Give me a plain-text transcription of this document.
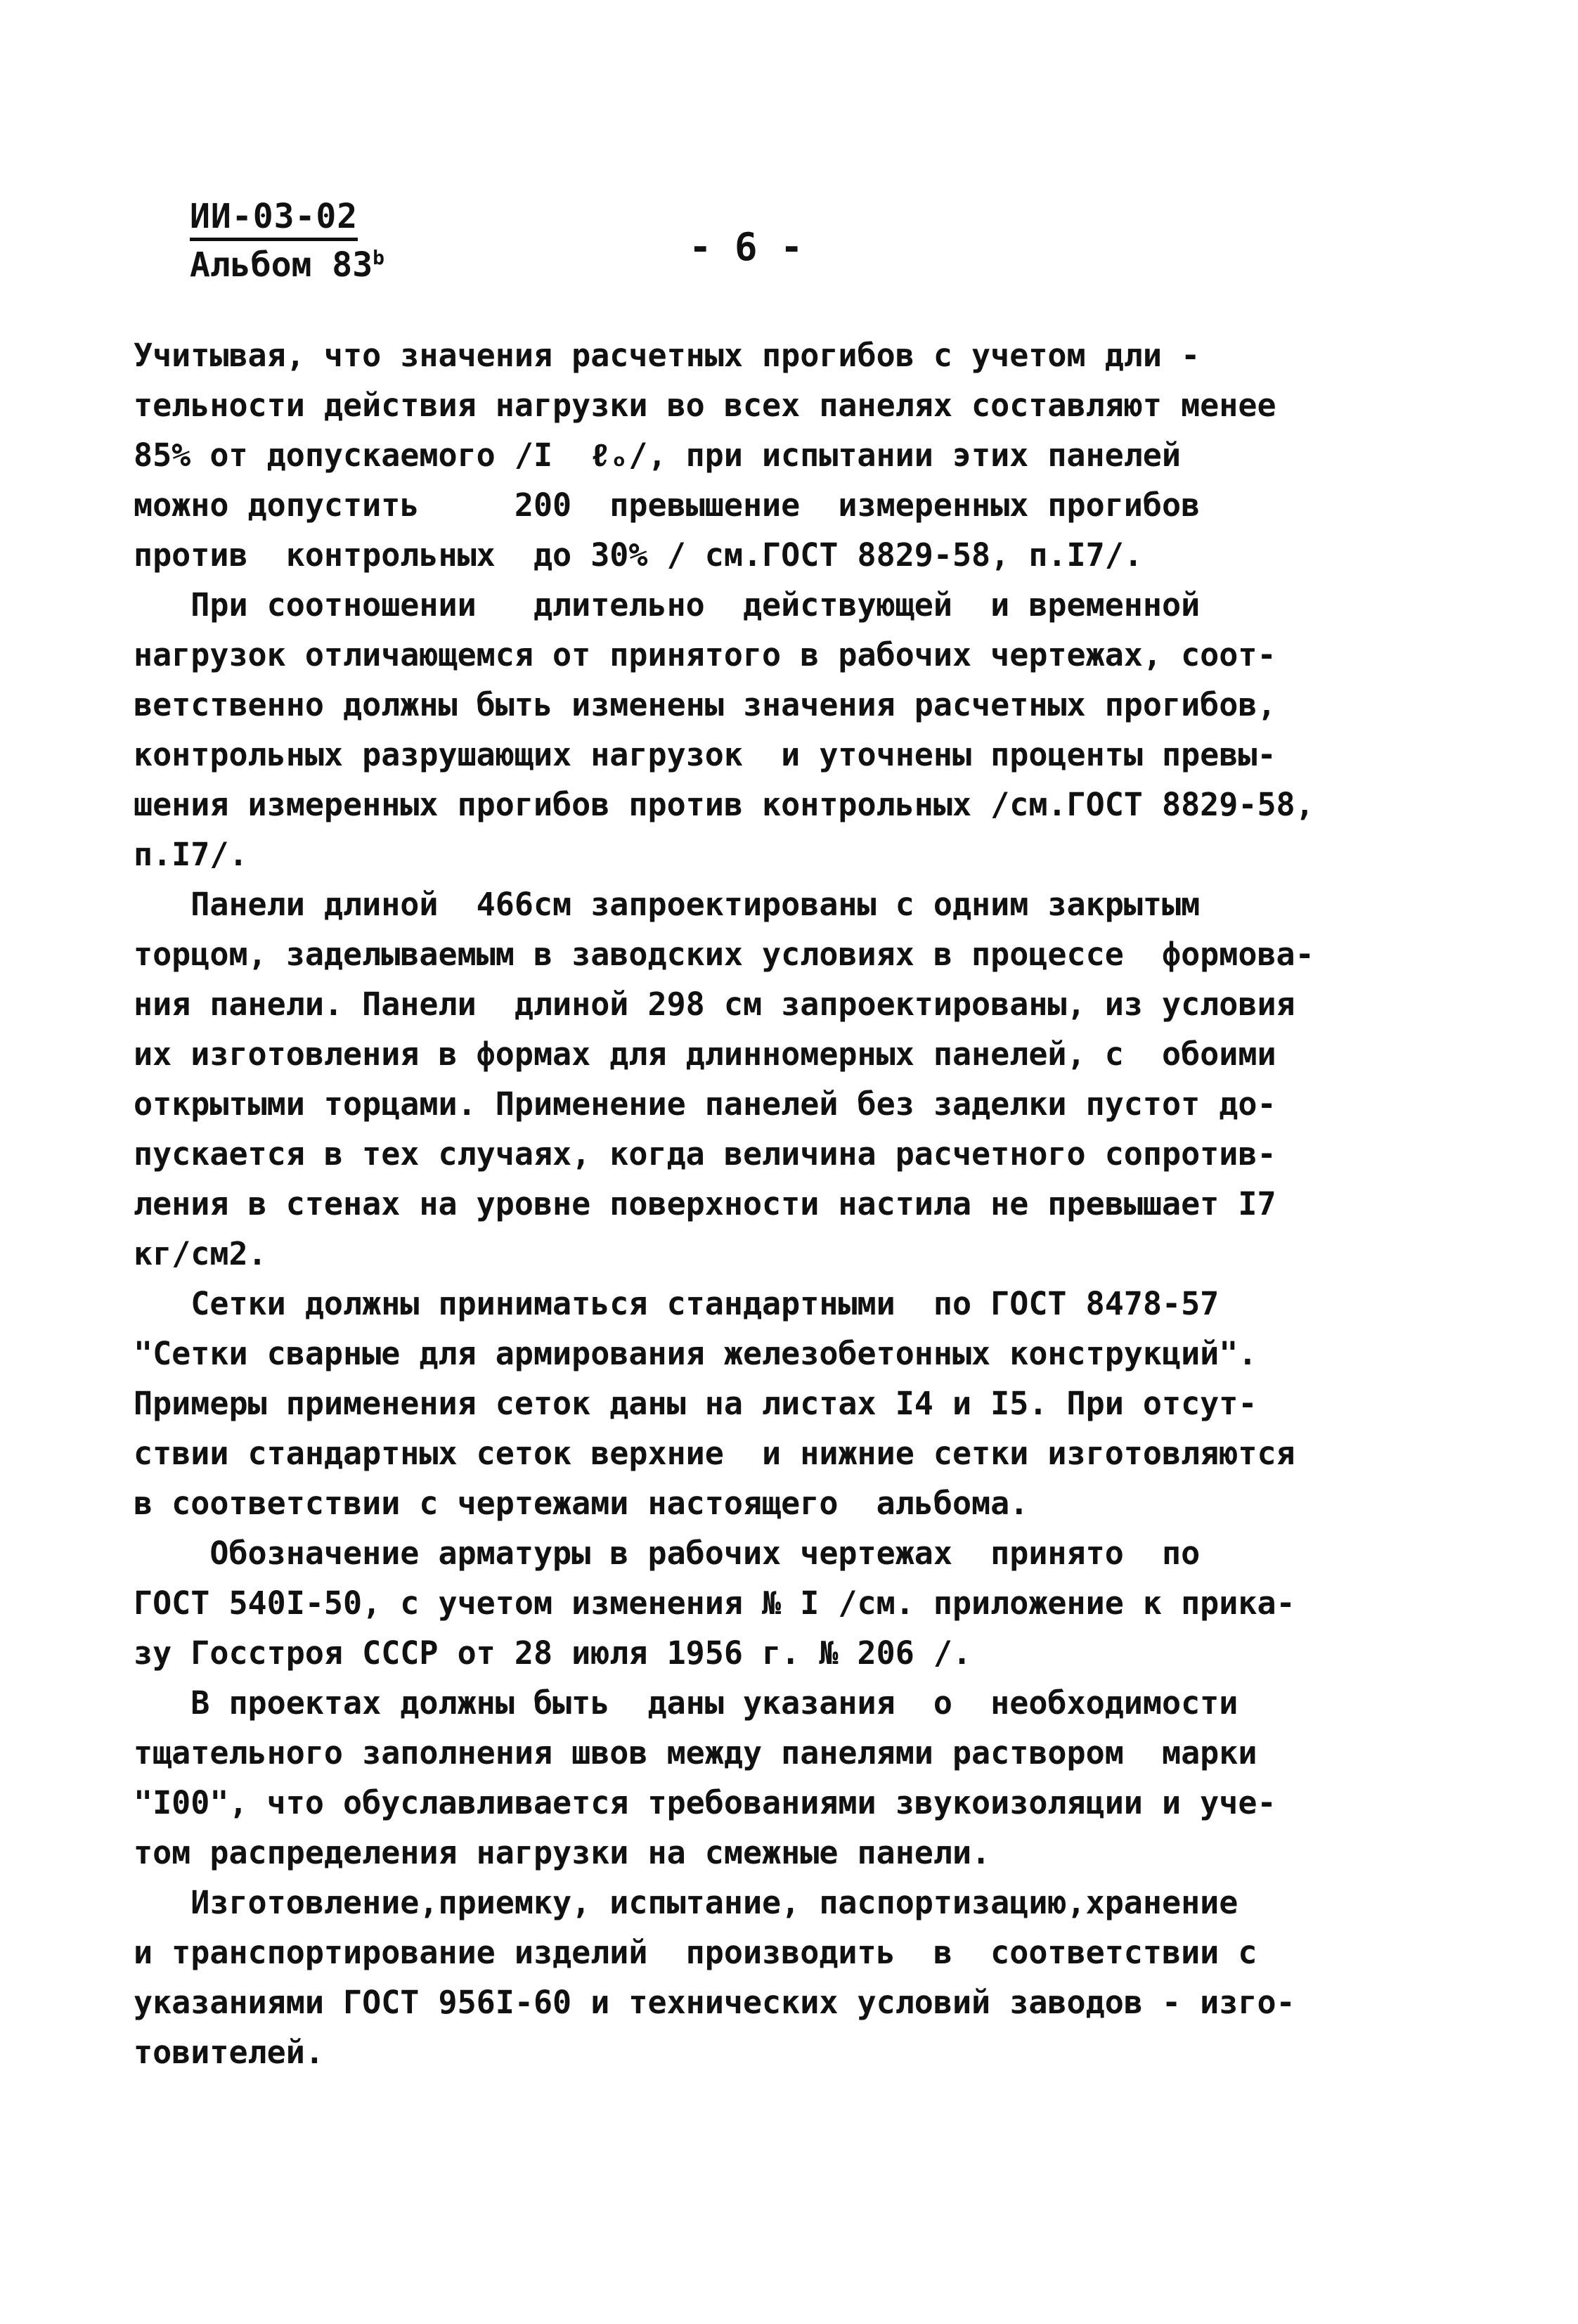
ИИ-03-02
Альбом 83$^b$	- 6 -
Учитывая, что значения расчетных прогибов с учетом дли -
тельности действия нагрузки во всех панелях составляют менее
85% от допускаемого /I  ℓₒ/, при испытании этих панелей
можно допустить     200  превышение  измеренных прогибов
против  контрольных  до 30% / см.ГОСТ 8829-58, п.I7/.
При соотношении   длительно  действующей  и временной
нагрузок отличающемся от принятого в рабочих чертежах, соот-
ветственно должны быть изменены значения расчетных прогибов,
контрольных разрушающих нагрузок  и уточнены проценты превы-
шения измеренных прогибов против контрольных /см.ГОСТ 8829-58,
п.I7/.
Панели длиной  466см запроектированы с одним закрытым
торцом, заделываемым в заводских условиях в процессе  формова-
ния панели. Панели  длиной 298 см запроектированы, из условия
их изготовления в формах для длинномерных панелей, с  обоими
открытыми торцами. Применение панелей без заделки пустот до-
пускается в тех случаях, когда величина расчетного сопротив-
ления в стенах на уровне поверхности настила не превышает I7
кг/см2.
Сетки должны приниматься стандартными  по ГОСТ 8478-57
"Сетки сварные для армирования железобетонных конструкций".
Примеры применения сеток даны на листах I4 и I5. При отсут-
ствии стандартных сеток верхние  и нижние сетки изготовляются
в соответствии с чертежами настоящего  альбома.
Обозначение арматуры в рабочих чертежах  принято  по
ГОСТ 540I-50, с учетом изменения № I /см. приложение к прика-
зу Госстроя СССР от 28 июля 1956 г. № 206 /.
В проектах должны быть  даны указания  о  необходимости
тщательного заполнения швов между панелями раствором  марки
"I00", что обуславливается требованиями звукоизоляции и уче-
том распределения нагрузки на смежные панели.
Изготовление,приемку, испытание, паспортизацию,хранение
и транспортирование изделий  производить  в  соответствии с
указаниями ГОСТ 956I-60 и технических условий заводов - изго-
товителей.
